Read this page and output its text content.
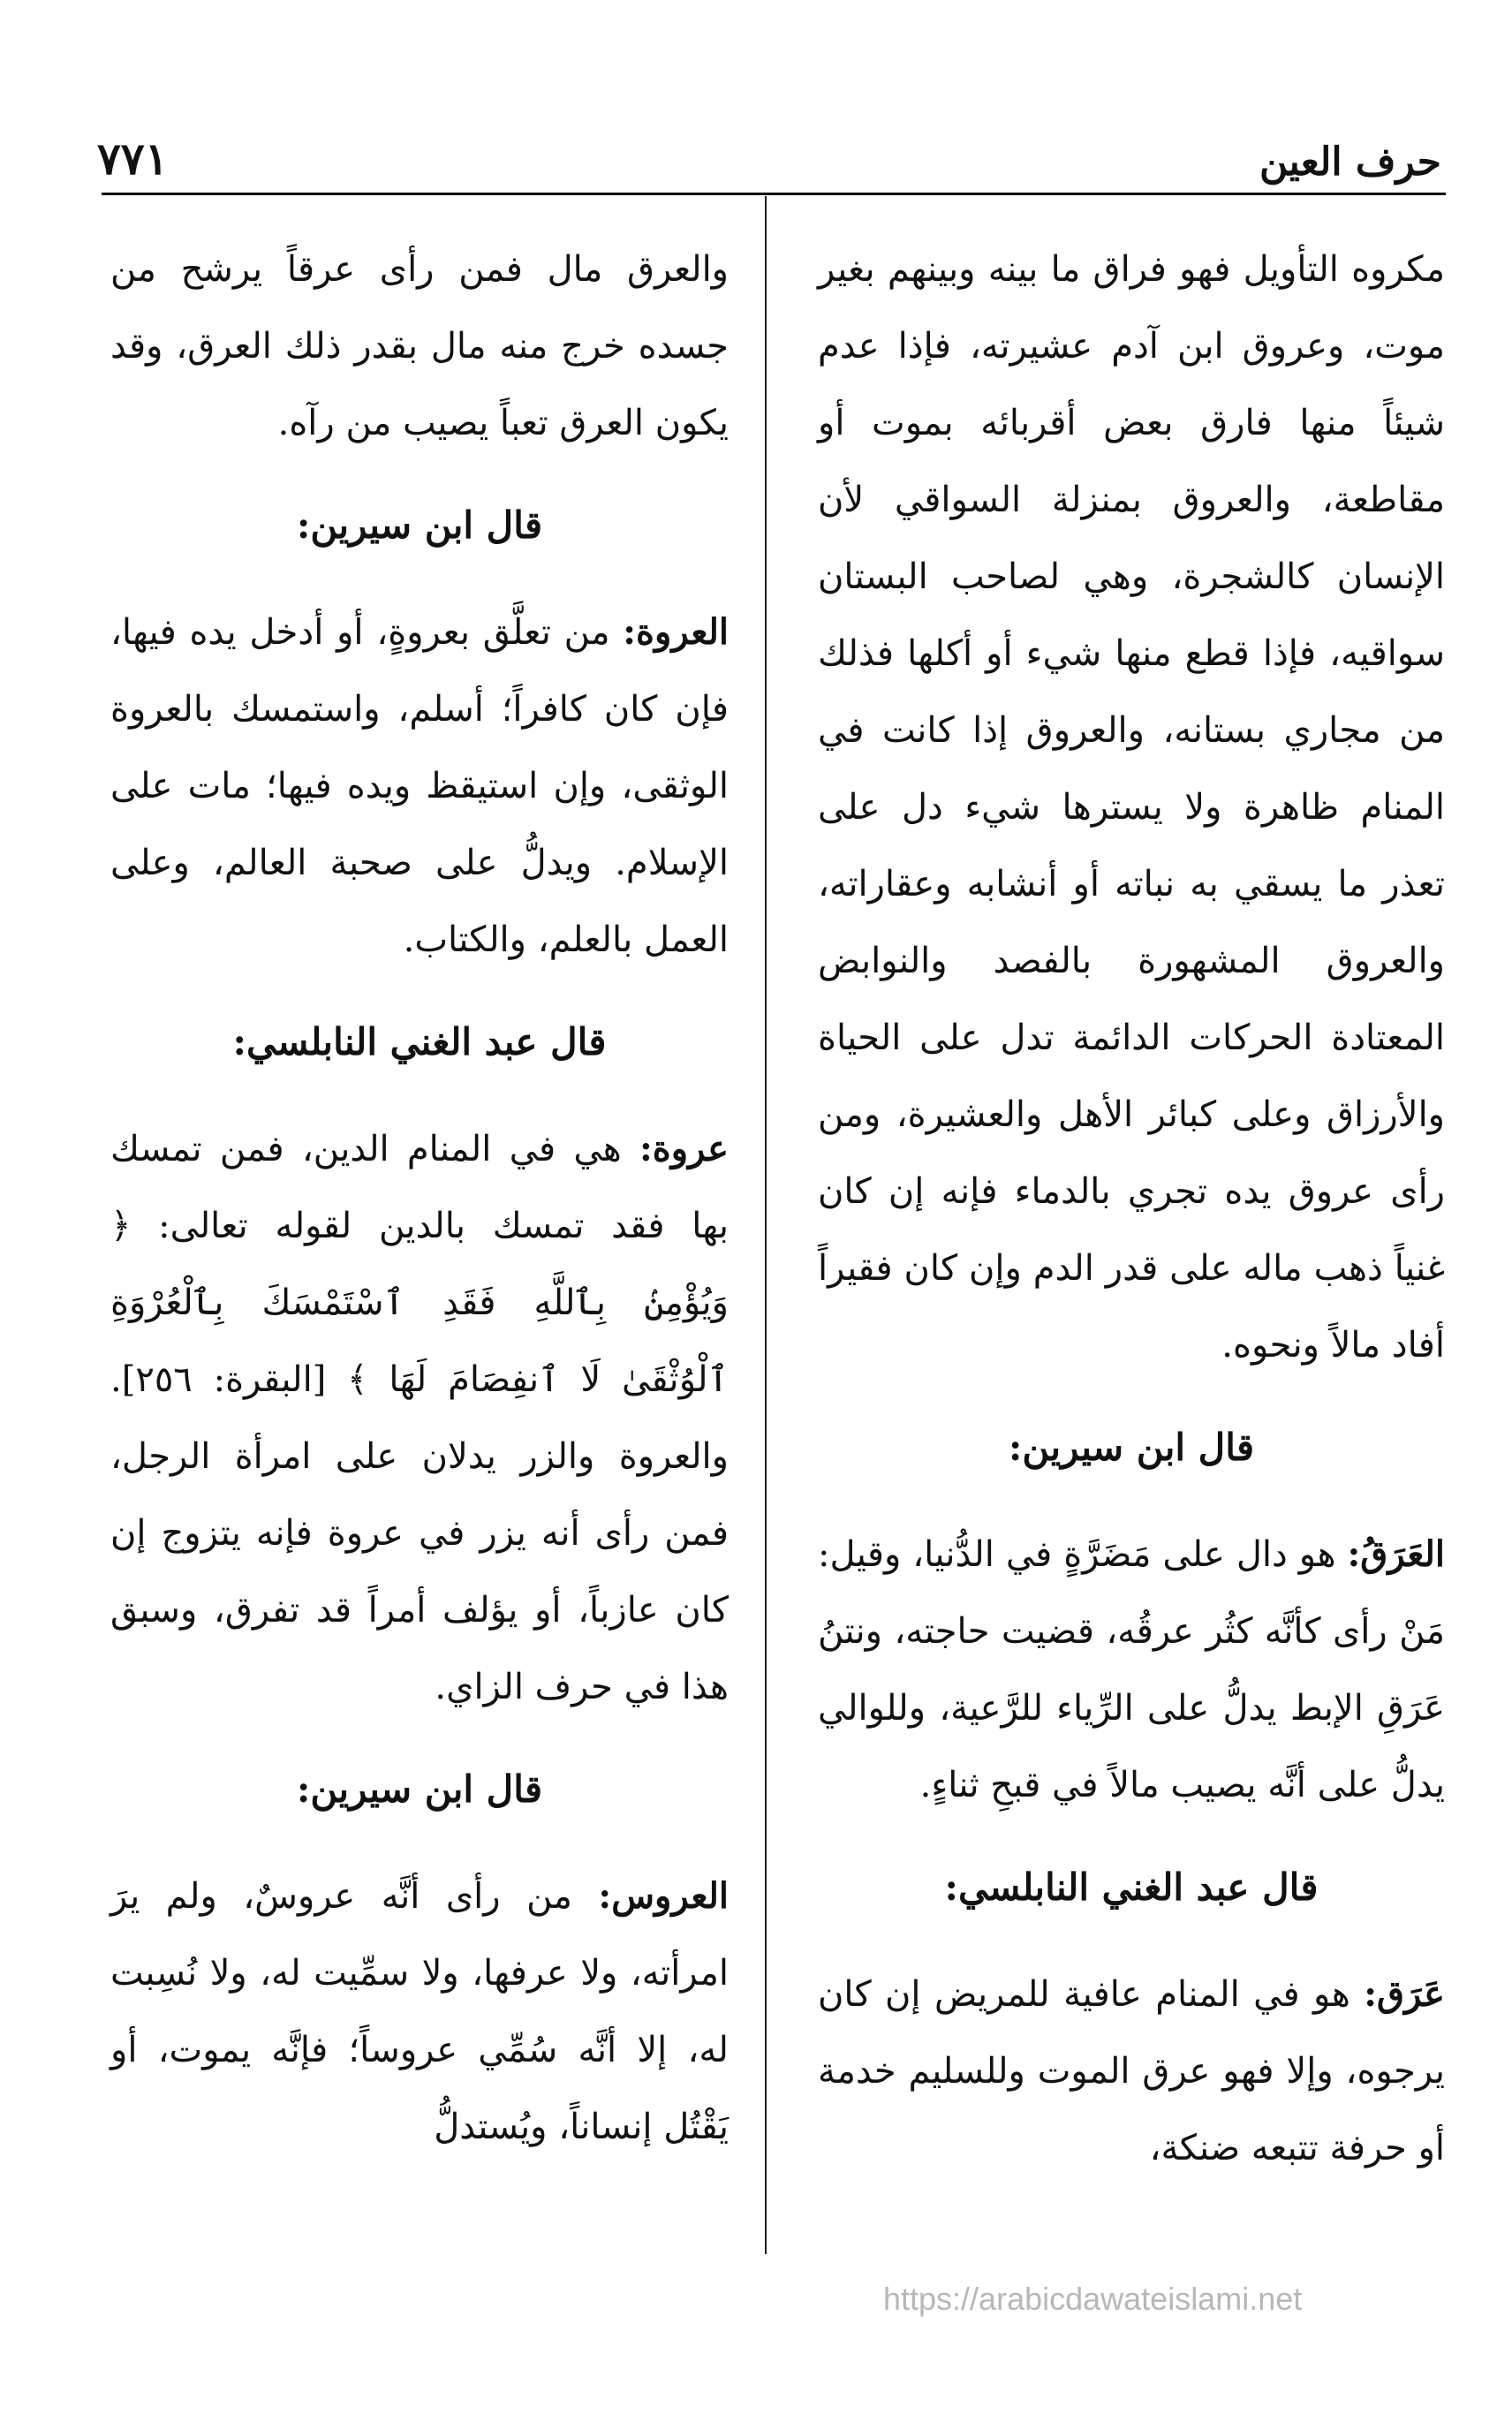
حرف العين
٧٧١

مكروه التأويل فهو فراق ما بينه وبينهم بغير موت، وعروق ابن آدم عشيرته، فإذا عدم شيئاً منها فارق بعض أقربائه بموت أو مقاطعة، والعروق بمنزلة السواقي لأن الإنسان كالشجرة، وهي لصاحب البستان سواقيه، فإذا قطع منها شيء أو أكلها فذلك من مجاري بستانه، والعروق إذا كانت في المنام ظاهرة ولا يسترها شيء دل على تعذر ما يسقي به نباته أو أنشابه وعقاراته، والعروق المشهورة بالفصد والنوابض المعتادة الحركات الدائمة تدل على الحياة والأرزاق وعلى كبائر الأهل والعشيرة، ومن رأى عروق يده تجري بالدماء فإنه إن كان غنياً ذهب ماله على قدر الدم وإن كان فقيراً أفاد مالاً ونحوه.

قال ابن سيرين:

العَرَقُ: هو دال على مَضَرَّةٍ في الدُّنيا، وقيل: مَنْ رأى كأنَّه كثُر عرقُه، قضيت حاجته، ونتنُ عَرَقِ الإبط يدلُّ على الرِّياء للرَّعية، وللوالي يدلُّ على أنَّه يصيب مالاً في قبحِ ثناءٍ.

قال عبد الغني النابلسي:

عَرَق: هو في المنام عافية للمريض إن كان يرجوه، وإلا فهو عرق الموت وللسليم خدمة أو حرفة تتبعه ضنكة،

والعرق مال فمن رأى عرقاً يرشح من جسده خرج منه مال بقدر ذلك العرق، وقد يكون العرق تعباً يصيب من رآه.

قال ابن سيرين:

العروة: من تعلَّق بعروةٍ، أو أدخل يده فيها، فإن كان كافراً؛ أسلم، واستمسك بالعروة الوثقى، وإن استيقظ ويده فيها؛ مات على الإسلام. ويدلُّ على صحبة العالم، وعلى العمل بالعلم، والكتاب.

قال عبد الغني النابلسي:

عروة: هي في المنام الدين، فمن تمسك بها فقد تمسك بالدين لقوله تعالى: ﴿ وَيُؤْمِنۢ بِٱللَّهِ فَقَدِ ٱسْتَمْسَكَ بِٱلْعُرْوَةِ ٱلْوُثْقَىٰ لَا ٱنفِصَامَ لَهَا ﴾ [البقرة: ٢٥٦]. والعروة والزر يدلان على امرأة الرجل، فمن رأى أنه يزر في عروة فإنه يتزوج إن كان عازباً، أو يؤلف أمراً قد تفرق، وسبق هذا في حرف الزاي.

قال ابن سيرين:

العروس: من رأى أنَّه عروسٌ، ولم يرَ امرأته، ولا عرفها، ولا سمِّيت له، ولا نُسِبت له، إلا أنَّه سُمِّي عروساً؛ فإنَّه يموت، أو يَقْتُل إنساناً، ويُستدلُّ

https://arabicdawateislami.net
